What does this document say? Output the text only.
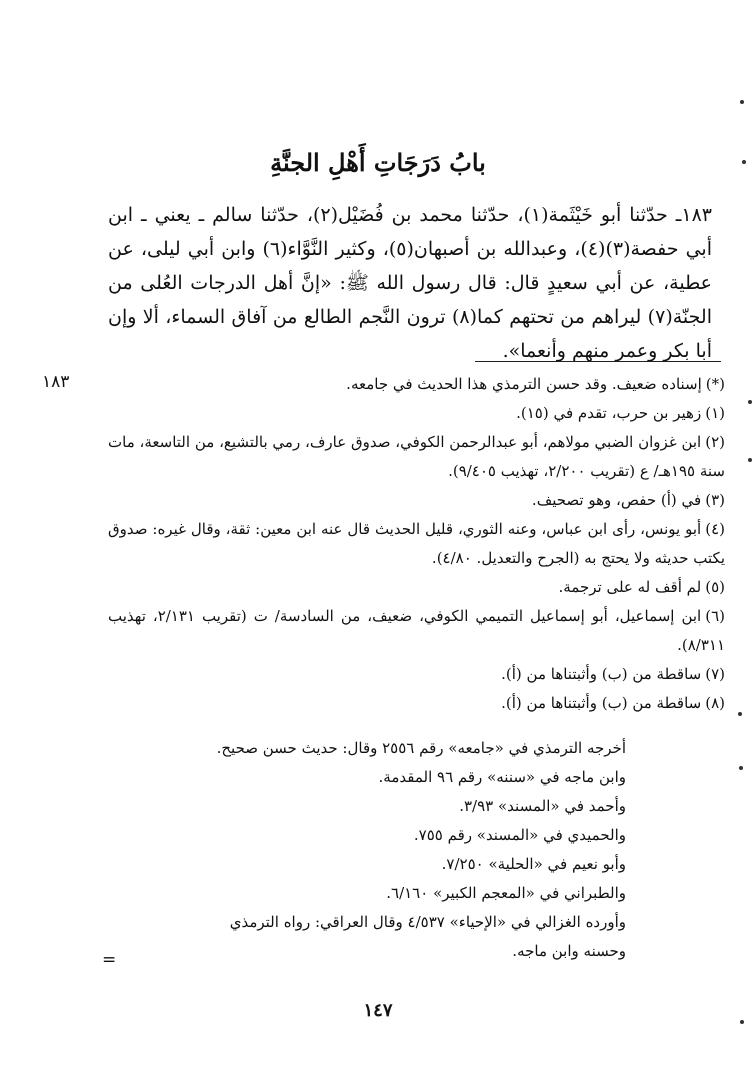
بابُ دَرَجَاتِ أَهْلِ الجنَّةِ

١٨٣ـ حدّثنا أبو خَيْثَمة(١)، حدّثنا محمد بن فُضَيْل(٢)، حدّثنا سالم ـ يعني ـ ابن أبي حفصة(٣)(٤)، وعبدالله بن أصبهان(٥)، وكثير النَّوَّاء(٦) وابن أبي ليلى، عن عطية، عن أبي سعيدٍ قال: قال رسول الله ﷺ: «إنَّ أهل الدرجات العُلى من الجنّة(٧) ليراهم من تحتهم كما(٨) ترون النَّجم الطالع من آفاق السماء، ألا وإن أبا بكر وعمر منهم وأنعما».

١٨٣	(*)إسناده ضعيف. وقد حسن الترمذي هذا الحديث في جامعه.

(١)زهير بن حرب، تقدم في (١٥).

(٢)ابن غزوان الضبي مولاهم، أبو عبدالرحمن الكوفي، صدوق عارف، رمي بالتشيع، من التاسعة، مات سنة ١٩٥هـ/ ع (تقريب ٢/٢٠٠، تهذيب ٩/٤٠٥).

(٣)في (أ) حفص، وهو تصحيف.

(٤)أبو يونس، رأى ابن عباس، وعنه الثوري، قليل الحديث قال عنه ابن معين: ثقة، وقال غيره: صدوق يكتب حديثه ولا يحتج به (الجرح والتعديل. ٤/٨٠).

(٥)لم أقف له على ترجمة.

(٦)ابن إسماعيل، أبو إسماعيل التميمي الكوفي، ضعيف، من السادسة/ ت (تقريب ٢/١٣١، تهذيب ٨/٣١١).

(٧)ساقطة من (ب) وأثبتناها من (أ).

(٨)ساقطة من (ب) وأثبتناها من (أ).

أخرجه الترمذي في «جامعه» رقم ٢٥٥٦ وقال: حديث حسن صحيح.

وابن ماجه في «سننه» رقم ٩٦ المقدمة.

وأحمد في «المسند» ٣/٩٣.

والحميدي في «المسند» رقم ٧٥٥.

وأبو نعيم في «الحلية» ٧/٢٥٠.

والطبراني في «المعجم الكبير» ٦/١٦٠.

وأورده الغزالي في «الإحياء» ٤/٥٣٧ وقال العراقي: رواه الترمذي وحسنه وابن ماجه.

=
١٤٧
